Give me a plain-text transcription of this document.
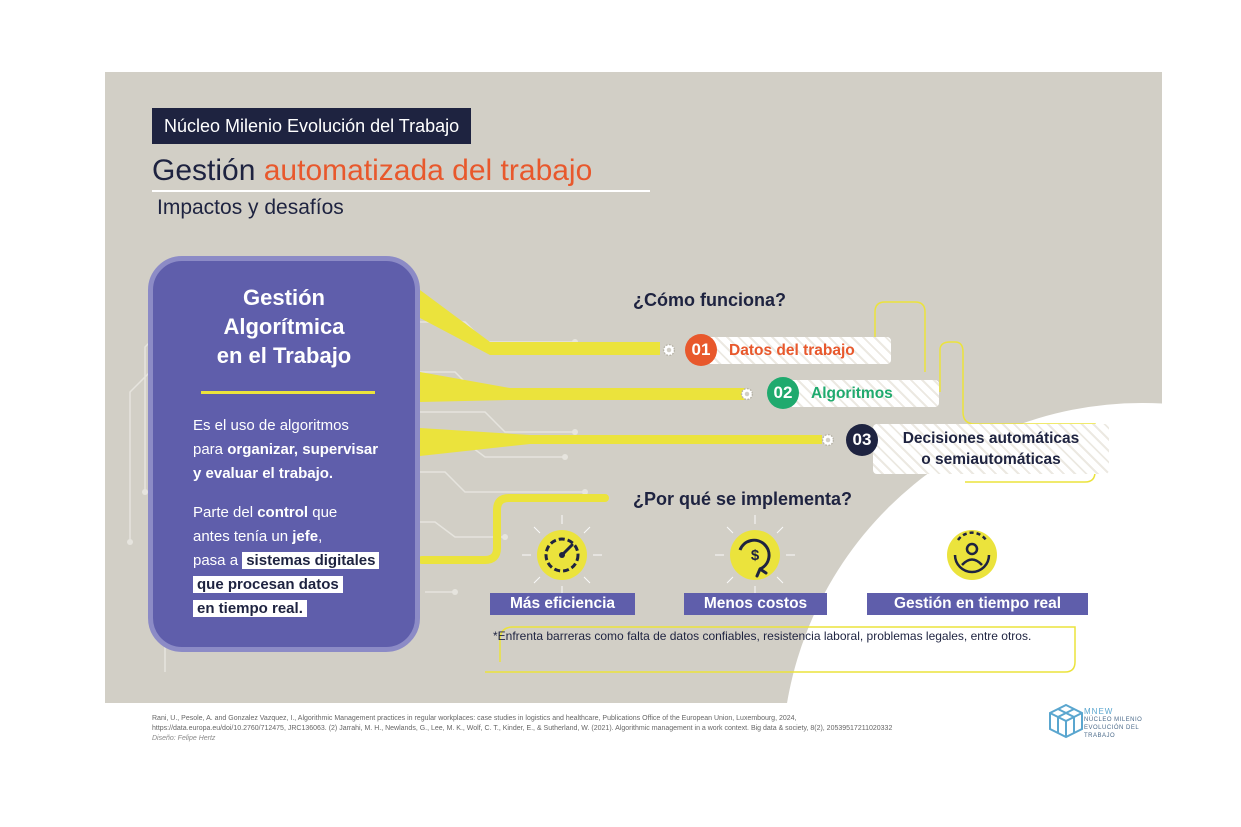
Núcleo Milenio Evolución del Trabajo
Gestión automatizada del trabajo
Impactos y desafíos
Gestión
Algorítmica
en el Trabajo
Es el uso de algoritmos
para organizar, supervisar
y evaluar el trabajo.
Parte del control que
antes tenía un jefe,
pasa a sistemas digitales
que procesan datos
en tiempo real.
¿Cómo funciona?
Datos del trabajo
01
Algoritmos
02
Decisiones automáticas
o semiautomáticas
03
¿Por qué se implementa?
$
Más eficiencia	Menos costos	Gestión en tiempo real
*Enfrenta barreras como falta de datos confiables, resistencia laboral, problemas legales, entre otros.
Rani, U., Pesole, A. and Gonzalez Vazquez, I., Algorithmic Management practices in regular workplaces: case studies in logistics and healthcare, Publications Office of the European Union, Luxembourg, 2024,
https://data.europa.eu/doi/10.2760/712475, JRC136063. (2) Jarrahi, M. H., Newlands, G., Lee, M. K., Wolf, C. T., Kinder, E., & Sutherland, W. (2021). Algorithmic management in a work context. Big data & society, 8(2), 20539517211020332
Diseño: Felipe Hertz
MNEW
NÚCLEO MILENIO
EVOLUCIÓN DEL
TRABAJO
